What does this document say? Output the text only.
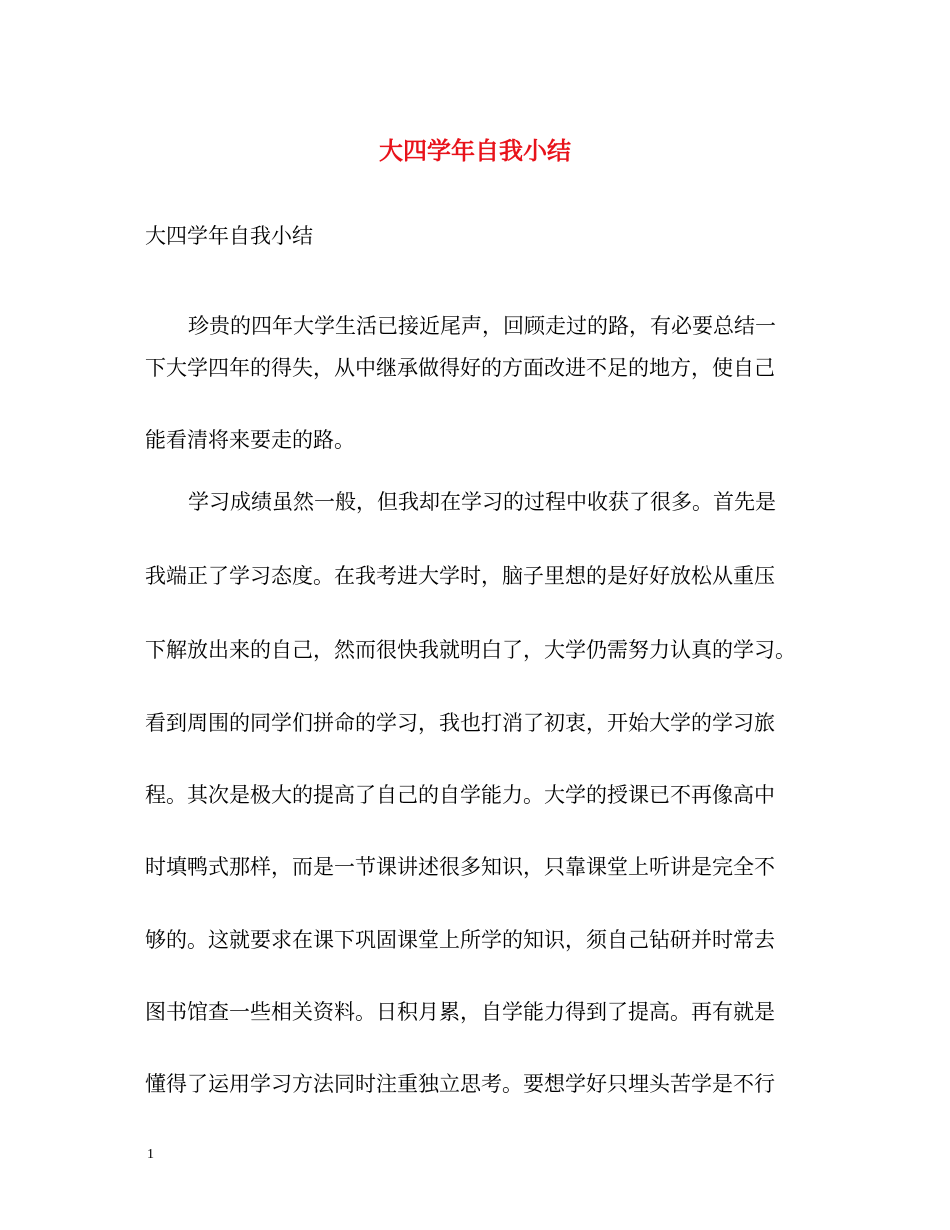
大四学年自我小结
大四学年自我小结
珍贵的四年大学生活已接近尾声，回顾走过的路，有必要总结一
下大学四年的得失，从中继承做得好的方面改进不足的地方，使自己
能看清将来要走的路。
学习成绩虽然一般，但我却在学习的过程中收获了很多。首先是
我端正了学习态度。在我考进大学时，脑子里想的是好好放松从重压
下解放出来的自己，然而很快我就明白了，大学仍需努力认真的学习。
看到周围的同学们拼命的学习，我也打消了初衷，开始大学的学习旅
程。其次是极大的提高了自己的自学能力。大学的授课已不再像高中
时填鸭式那样，而是一节课讲述很多知识，只靠课堂上听讲是完全不
够的。这就要求在课下巩固课堂上所学的知识，须自己钻研并时常去
图书馆查一些相关资料。日积月累，自学能力得到了提高。再有就是
懂得了运用学习方法同时注重独立思考。要想学好只埋头苦学是不行
1
